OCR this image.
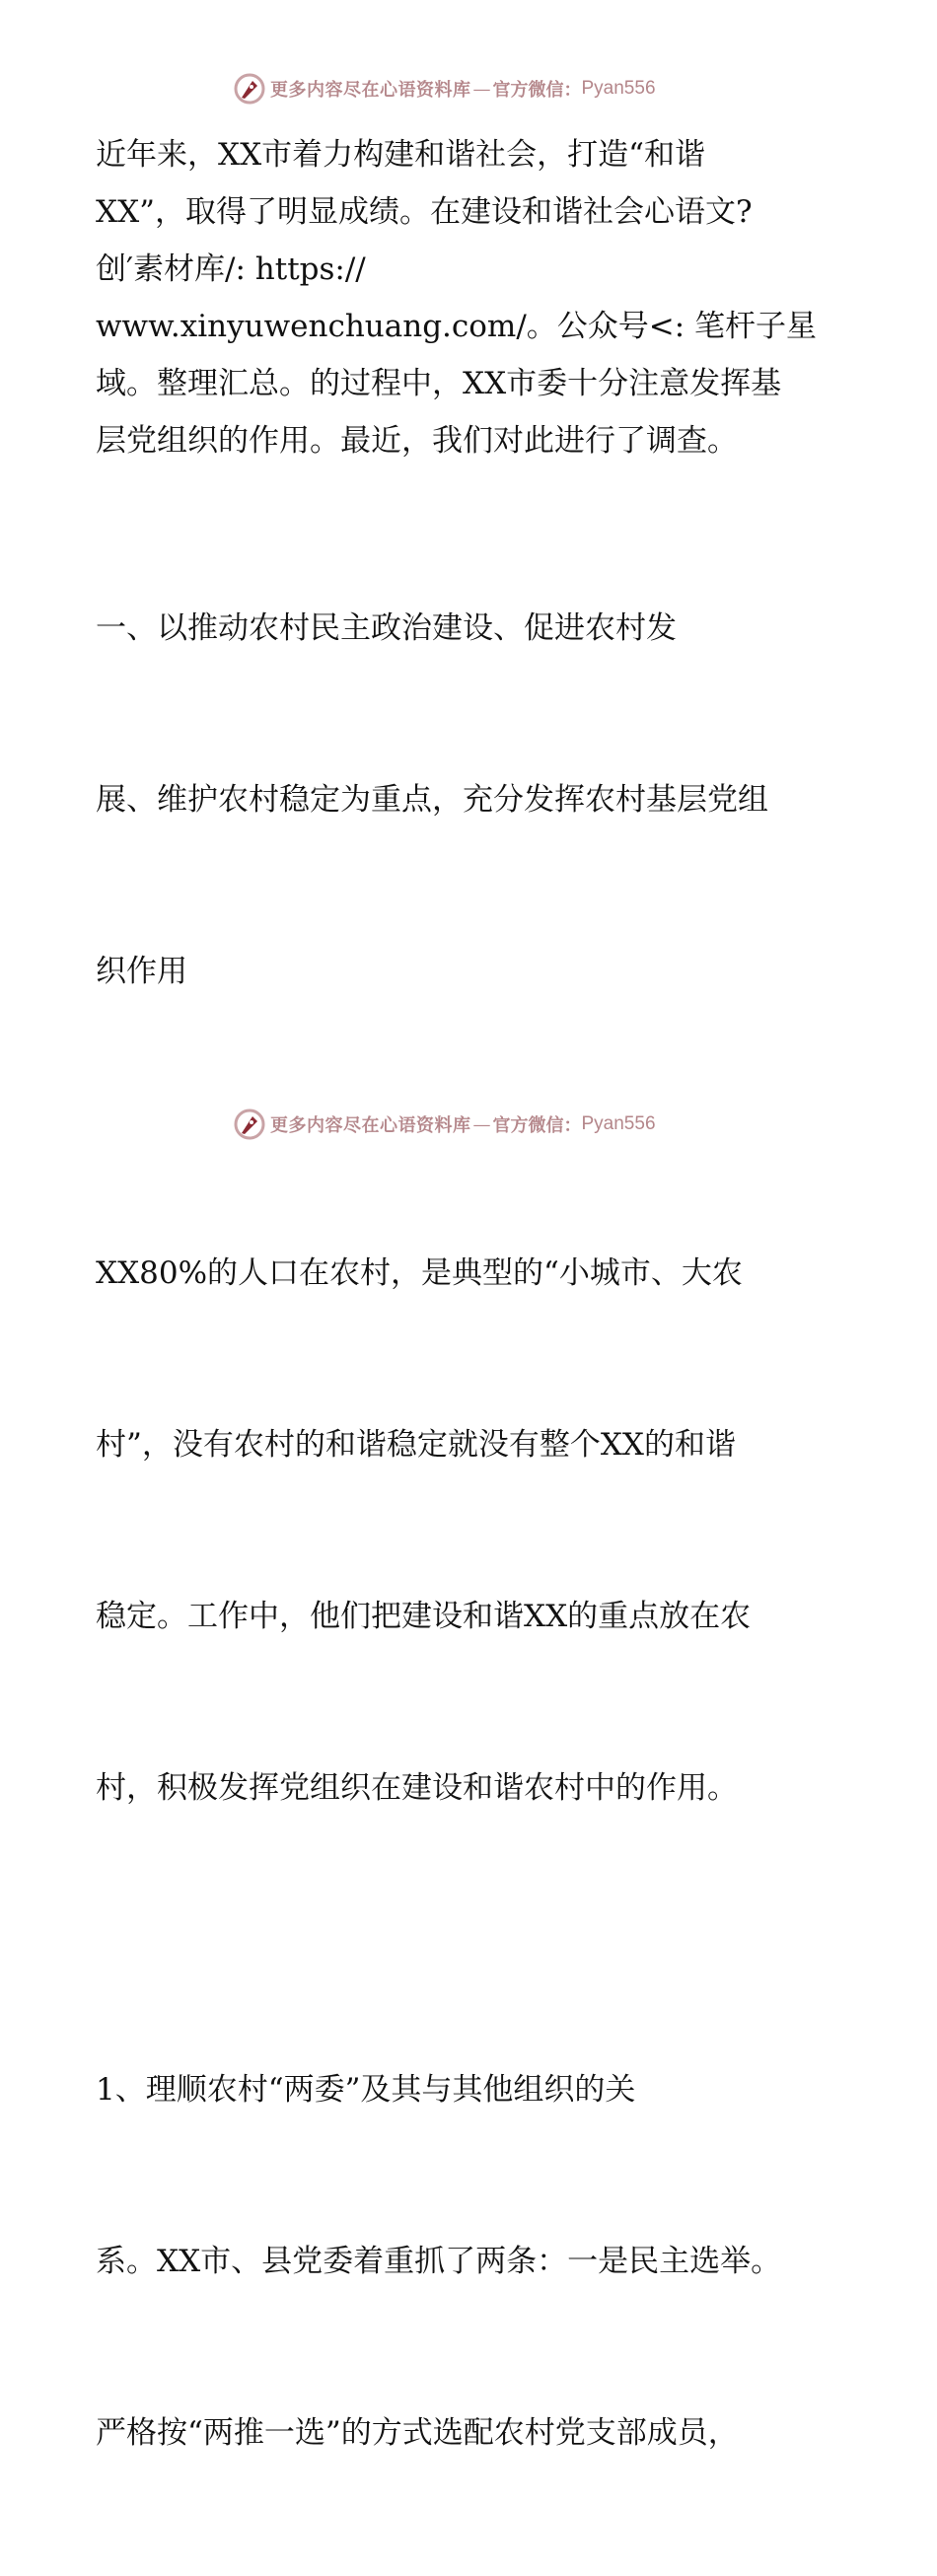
更多内容尽在心语资料库 — 官方微信： Pyan556

近年来，XX市着力构建和谐社会，打造“和谐
XX”，取得了明显成绩。在建设和谐社会心语文?
创′素材库/: https://
www.xinyuwenchuang.com/。公众号<: 笔杆子星
域。整理汇总。的过程中，XX市委十分注意发挥基
层党组织的作用。最近，我们对此进行了调查。

一、以推动农村民主政治建设、促进农村发

展、维护农村稳定为重点，充分发挥农村基层党组

织作用

XX80%的人口在农村，是典型的“小城市、大农

村”，没有农村的和谐稳定就没有整个XX的和谐

稳定。工作中，他们把建设和谐XX的重点放在农

村，积极发挥党组织在建设和谐农村中的作用。

1、理顺农村“两委”及其与其他组织的关

系。XX市、县党委着重抓了两条：一是民主选举。

严格按“两推一选”的方式选配农村党支部成员，

更多内容尽在心语资料库 — 官方微信： Pyan556
